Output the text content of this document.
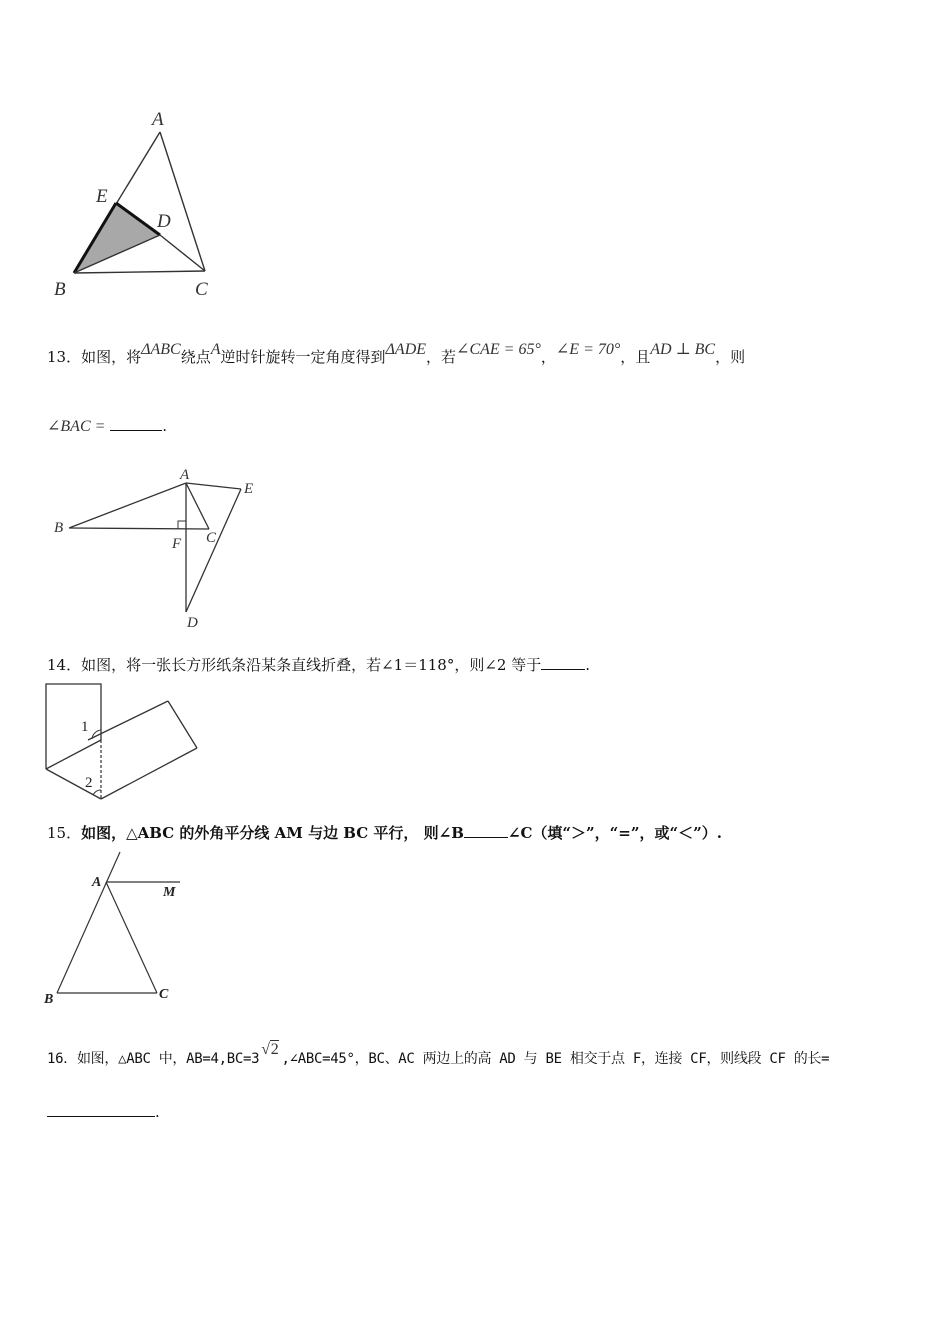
A
E
D
B	C
13．如图，将ΔABC绕点A逆时针旋转一定角度得到ΔADE，若∠CAE = 65°，∠E = 70°，且AD ⊥ BC，则
∠BAC =	.
A
E
B
F C
D
14．如图，将一张长方形纸条沿某条直线折叠，若∠1＝118°，则∠2 等于	.
1
2
15．如图，△ABC 的外角平分线 AM 与边 BC 平行， 则∠B	∠C（填“＞”，“=”，或“＜”）.
A
M
B	C
16．如图，△ABC 中，AB=4,BC=3√2,∠ABC=45°，BC、AC 两边上的高 AD 与 BE 相交于点 F，连接 CF，则线段 CF 的长=
.
